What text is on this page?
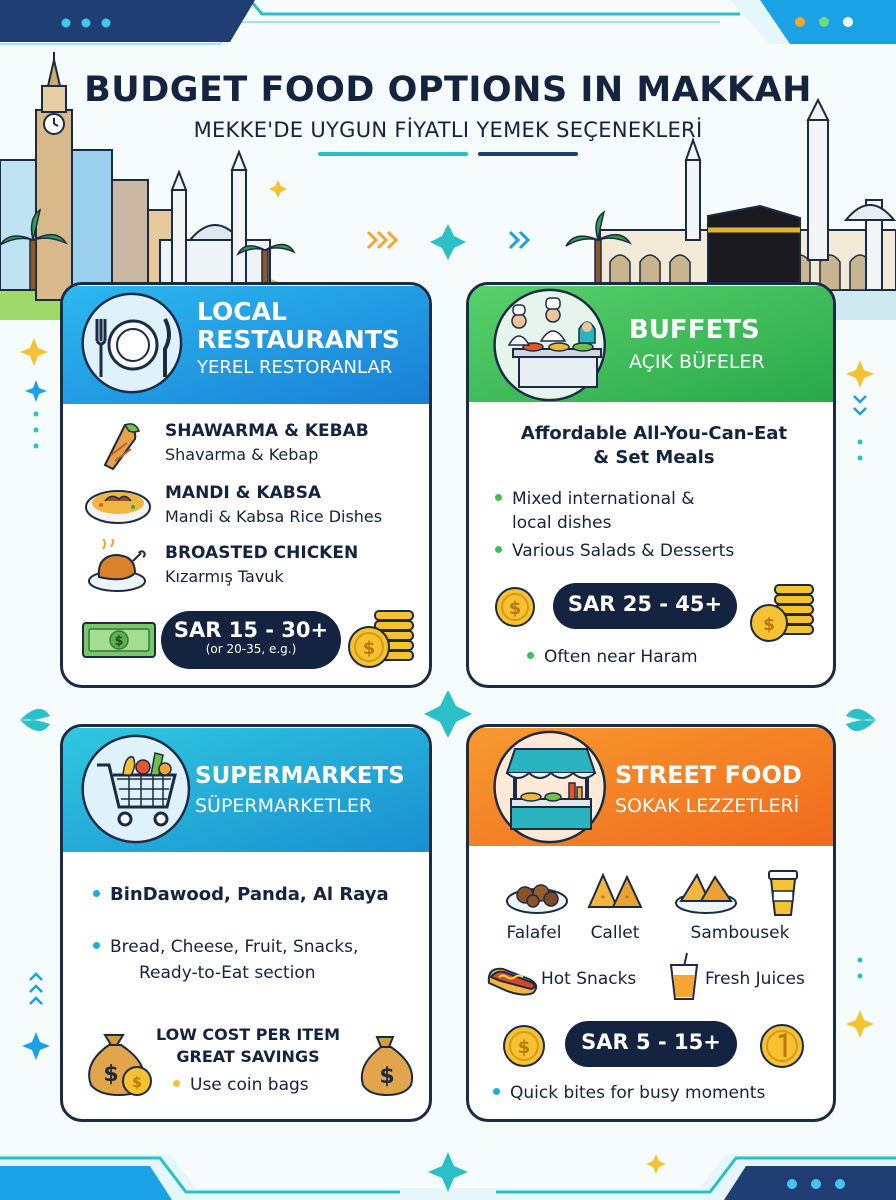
BUDGET FOOD OPTIONS IN MAKKAH
MEKKE'DE UYGUN FİYATLI YEMEK SEÇENEKLERİ
LOCAL
RESTAURANTS
YEREL RESTORANLAR
SHAWARMA & KEBAB
Shavarma & Kebap
MANDI & KABSA
Mandi & Kabsa Rice Dishes
BROASTED CHICKEN
Kızarmış Tavuk
$	SAR 15 - 30+
(or 20-35, e.g.)	$
BUFFETS
AÇIK BÜFELER
Affordable All-You-Can-Eat
& Set Meals
Mixed international &
local dishes
Various Salads & Desserts
$	SAR 25 - 45+
$
Often near Haram
SUPERMARKETS
SÜPERMARKETLER
BinDawood, Panda, Al Raya
Bread, Cheese, Fruit, Snacks,
Ready-to-Eat section
$ $
LOW COST PER ITEM
GREAT SAVINGS
Use coin bags	$
STREET FOOD
SOKAK LEZZETLERİ
Falafel	Callet	Sambousek
Hot Snacks	Fresh Juices
$	SAR 5 - 15+
Quick bites for busy moments
